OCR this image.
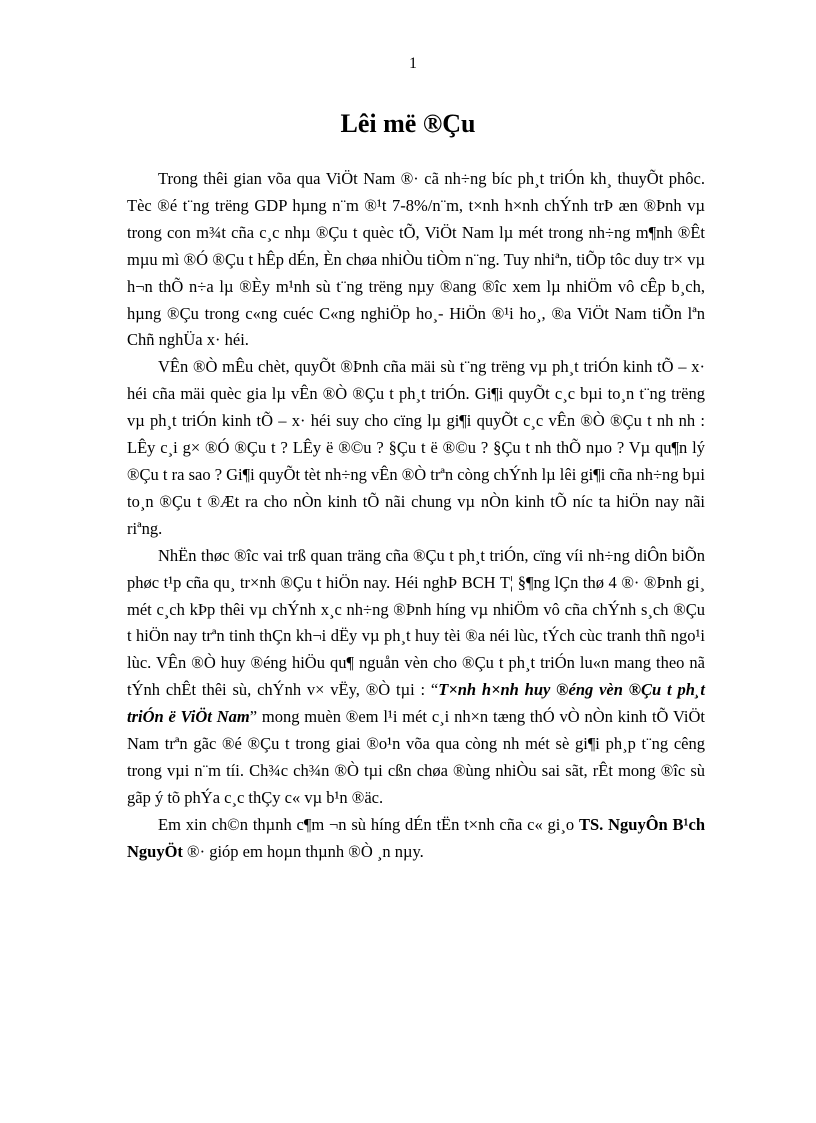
1
Lêi më ®Çu

Trong thêi gian võa qua ViÖt Nam ®· cã nh÷ng bíc ph¸t triÓn kh¸ thuyÕt phôc. Tèc ®é t¨ng trëng GDP hµng n¨m ®¹t 7-8%/n¨m, t×nh h×nh chÝnh trÞ æn ®Þnh vµ trong con m¾t cña c¸c nhµ ®Çu t quèc tÕ, ViÖt Nam lµ mét trong nh÷ng m¶nh ®Êt mµu mì ®Ó ®Çu t hÊp dÉn, Èn chøa nhiÒu tiÒm n¨ng. Tuy nhiªn, tiÕp tôc duy tr× vµ h¬n thÕ n÷a lµ ®Èy m¹nh sù t¨ng trëng nµy ®ang ®îc xem lµ nhiÖm vô cÊp b¸ch, hµng ®Çu trong c«ng cuéc C«ng nghiÖp ho¸- HiÖn ®¹i ho¸, ®a ViÖt Nam tiÕn lªn Chñ nghÜa x· héi.

VÊn ®Ò mÊu chèt, quyÕt ®Þnh cña mäi sù t¨ng trëng vµ ph¸t triÓn kinh tÕ – x· héi cña mäi quèc gia lµ vÊn ®Ò ®Çu t ph¸t triÓn. Gi¶i quyÕt c¸c bµi to¸n t¨ng trëng vµ ph¸t triÓn kinh tÕ – x· héi suy cho cïng lµ gi¶i quyÕt c¸c vÊn ®Ò ®Çu t nh nh : LÊy c¸i g× ®Ó ®Çu t ? LÊy ë ®©u ? §Çu t ë ®©u ? §Çu t nh thÕ nµo ? Vµ qu¶n lý ®Çu t ra sao ? Gi¶i quyÕt tèt nh÷ng vÊn ®Ò trªn còng chÝnh lµ lêi gi¶i cña nh÷ng bµi to¸n ®Çu t ®Æt ra cho nÒn kinh tÕ nãi chung vµ nÒn kinh tÕ níc ta hiÖn nay nãi riªng.

NhËn thøc ®îc vai trß quan träng cña ®Çu t ph¸t triÓn, cïng víi nh÷ng diÔn biÕn phøc t¹p cña qu¸ tr×nh ®Çu t hiÖn nay. Héi nghÞ BCH T¦ §¶ng lÇn thø 4 ®· ®Þnh gi¸ mét c¸ch kÞp thêi vµ chÝnh x¸c nh÷ng ®Þnh híng vµ nhiÖm vô cña chÝnh s¸ch ®Çu t hiÖn nay trªn tinh thÇn kh¬i dËy vµ ph¸t huy tèi ®a néi lùc, tÝch cùc tranh thñ ngo¹i lùc. VÊn ®Ò huy ®éng hiÖu qu¶ nguån vèn cho ®Çu t ph¸t triÓn lu«n mang theo nã tÝnh chÊt thêi sù, chÝnh v× vËy, ®Ò tµi : “T×nh h×nh huy ®éng vèn ®Çu t ph¸t triÓn ë ViÖt Nam” mong muèn ®em l¹i mét c¸i nh×n tæng thÓ vÒ nÒn kinh tÕ ViÖt Nam trªn gãc ®é ®Çu t trong giai ®o¹n võa qua còng nh mét sè gi¶i ph¸p t¨ng cêng trong vµi n¨m tíi. Ch¾c ch¾n ®Ò tµi cßn chøa ®ùng nhiÒu sai sãt, rÊt mong ®îc sù gãp ý tõ phÝa c¸c thÇy c« vµ b¹n ®äc.

Em xin ch©n thµnh c¶m ¬n sù híng dÉn tËn t×nh cña c« gi¸o TS. NguyÔn B¹ch NguyÖt ®· gióp em hoµn thµnh ®Ò ¸n nµy.
